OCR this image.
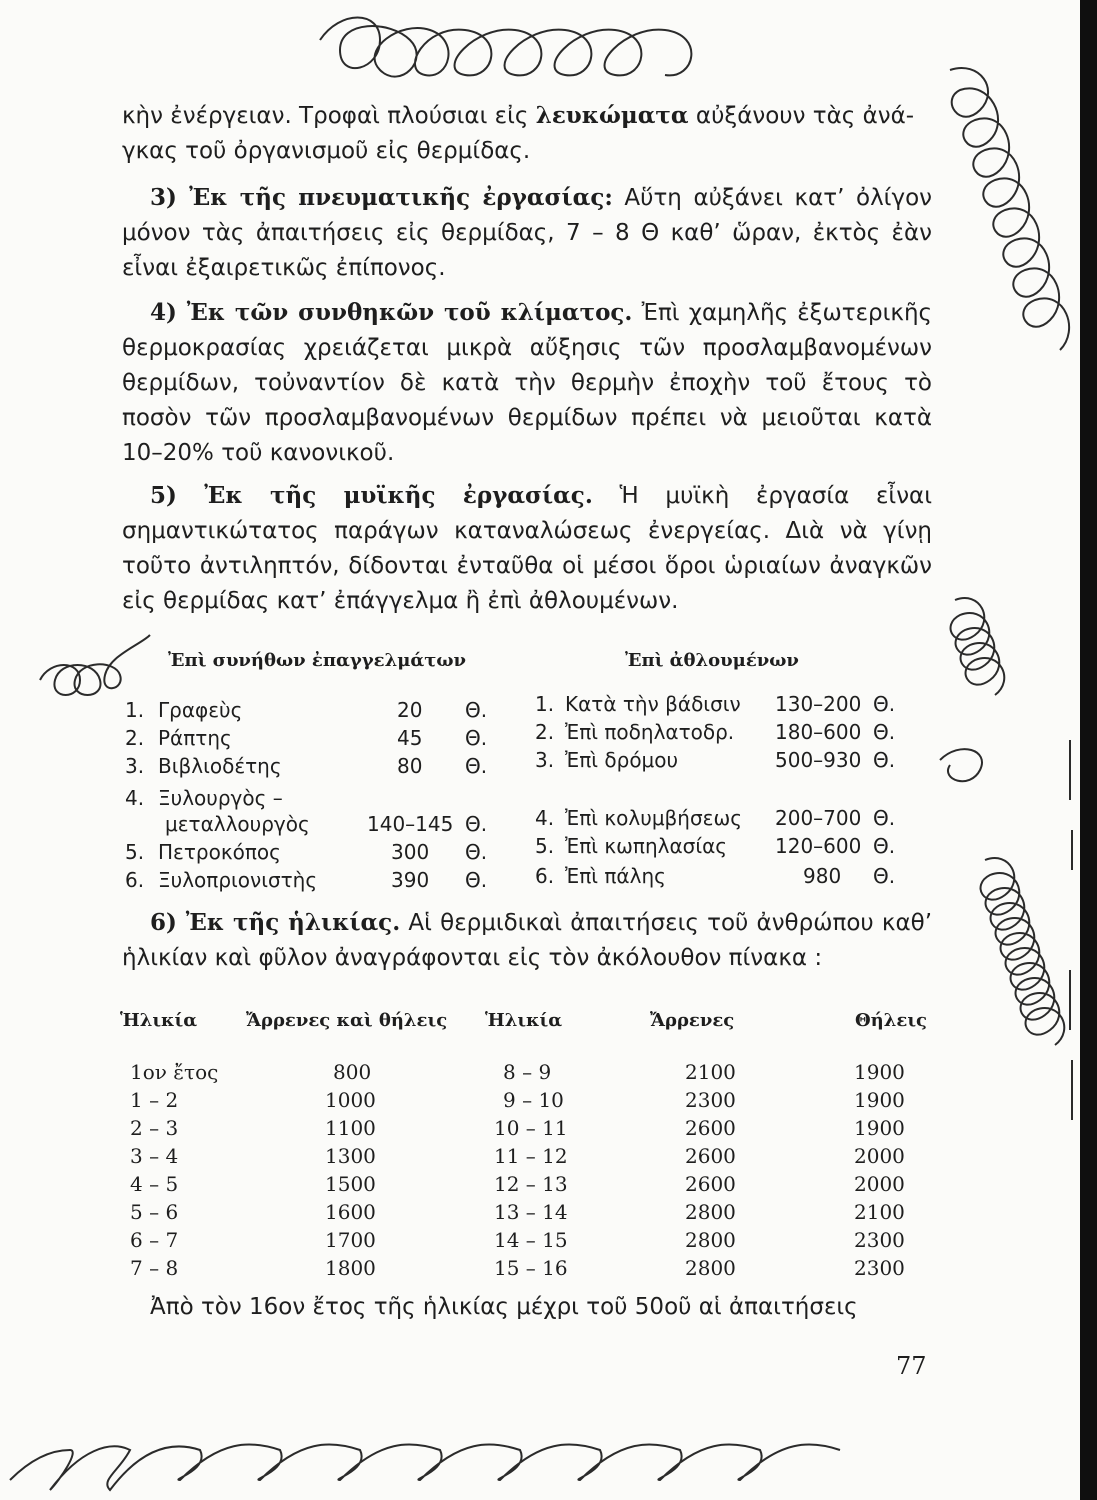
κὴν ἐνέργειαν. Τροφαὶ πλούσιαι εἰς λευκώματα αὐξάνουν τὰς ἀνά-
γκας τοῦ ὀργανισμοῦ εἰς θερμίδας.

3) Ἐκ τῆς πνευματικῆς ἐργασίας: Αὕτη αὐξάνει κατ’ ὀλίγον μόνον τὰς ἀπαιτήσεις εἰς θερμίδας, 7 – 8 Θ καθ’ ὥραν, ἐκτὸς ἐὰν εἶναι ἐξαιρετικῶς ἐπίπονος.

4) Ἐκ τῶν συνθηκῶν τοῦ κλίματος. Ἐπὶ χαμηλῆς ἐξωτερικῆς θερμοκρασίας χρειάζεται μικρὰ αὔξησις τῶν προσλαμβανομένων θερμίδων, τοὐναντίον δὲ κατὰ τὴν θερμὴν ἐποχὴν τοῦ ἔτους τὸ ποσὸν τῶν προσλαμβανομένων θερμίδων πρέπει νὰ μειοῦται κατὰ 10–20% τοῦ κανονικοῦ.

5) Ἐκ τῆς μυϊκῆς ἐργασίας. Ἡ μυϊκὴ ἐργασία εἶναι σημαντικώτατος παράγων καταναλώσεως ἐνεργείας. Διὰ νὰ γίνῃ τοῦτο ἀντιληπτόν, δίδονται ἐνταῦθα οἱ μέσοι ὅροι ὡριαίων ἀναγκῶν εἰς θερμίδας κατ’ ἐπάγγελμα ἢ ἐπὶ ἀθλουμένων.

Ἐπὶ συνήθων ἐπαγγελμάτων	Ἐπὶ ἀθλουμένων
1. Γραφεὺς	20 Θ.
2. Ράπτης	45 Θ.
3. Βιβλιοδέτης	80 Θ.
4. Ξυλουργὸς –
μεταλλουργὸς	140–145 Θ.
5. Πετροκόπος	300 Θ.
6. Ξυλοπριονιστὴς	390 Θ.
1. Κατὰ τὴν βάδισιν 130–200 Θ.
2. Ἐπὶ ποδηλατοδρ. 180–600 Θ.
3. Ἐπὶ δρόμου	500–930 Θ.
4. Ἐπὶ κολυμβήσεως 200–700 Θ.
5. Ἐπὶ κωπηλασίας 120–600 Θ.
6. Ἐπὶ πάλης	980 Θ.

6) Ἐκ τῆς ἡλικίας. Αἱ θερμιδικαὶ ἀπαιτήσεις τοῦ ἀνθρώπου καθ’ ἡλικίαν καὶ φῦλον ἀναγράφονται εἰς τὸν ἀκόλουθον πίνακα :

Ἡλικία	Ἄρρενες καὶ θήλεις Ἡλικία	Ἄρρενες	Θήλεις
1ον ἔτος	800	8 – 9	2100	1900
1 – 2	1000	9 – 10	2300	1900
2 – 3	1100	10 – 11	2600	1900
3 – 4	1300	11 – 12	2600	2000
4 – 5	1500	12 – 13	2600	2000
5 – 6	1600	13 – 14	2800	2100
6 – 7	1700	14 – 15	2800	2300
7 – 8	1800	15 – 16	2800	2300

Ἀπὸ τὸν 16ον ἔτος τῆς ἡλικίας μέχρι τοῦ 50οῦ αἱ ἀπαιτήσεις

77
